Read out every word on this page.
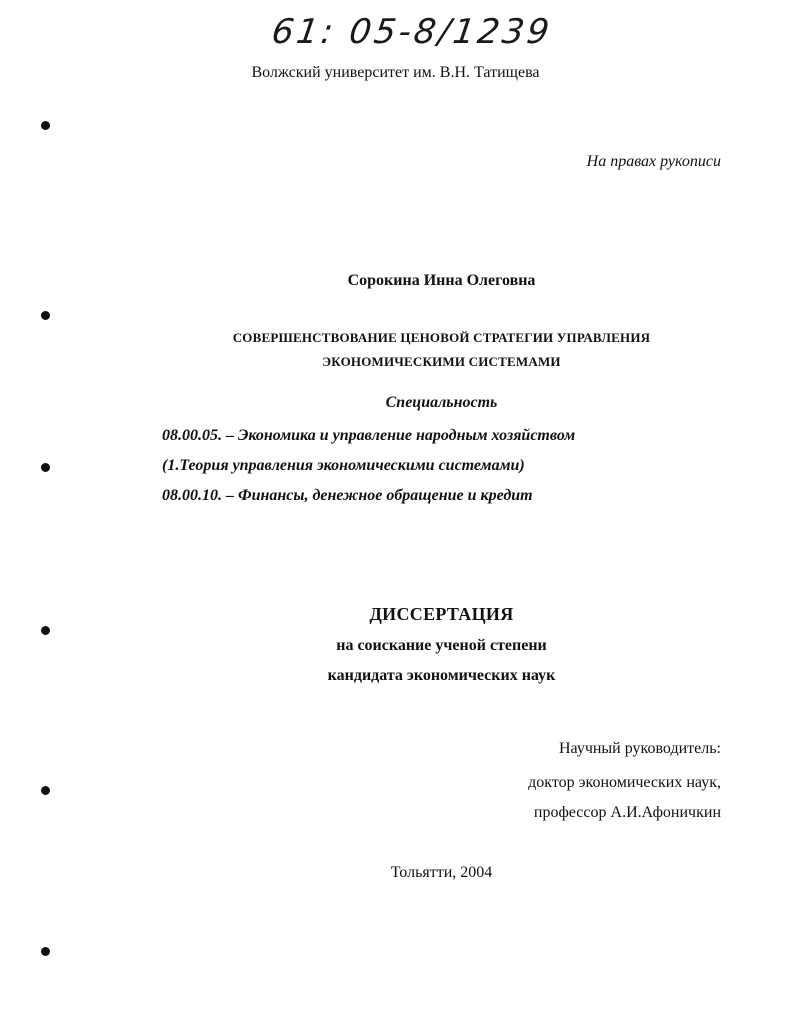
61: 05-8/1239
Волжский университет им. В.Н. Татищева
На правах рукописи
Сорокина Инна Олеговна
СОВЕРШЕНСТВОВАНИЕ ЦЕНОВОЙ СТРАТЕГИИ УПРАВЛЕНИЯ
ЭКОНОМИЧЕСКИМИ СИСТЕМАМИ
Специальность
08.00.05. – Экономика и управление народным хозяйством
(1.Теория управления экономическими системами)
08.00.10. – Финансы, денежное обращение и кредит
ДИССЕРТАЦИЯ
на соискание ученой степени
кандидата экономических наук
Научный руководитель:
доктор экономических наук,
профессор А.И.Афоничкин
Тольятти, 2004
